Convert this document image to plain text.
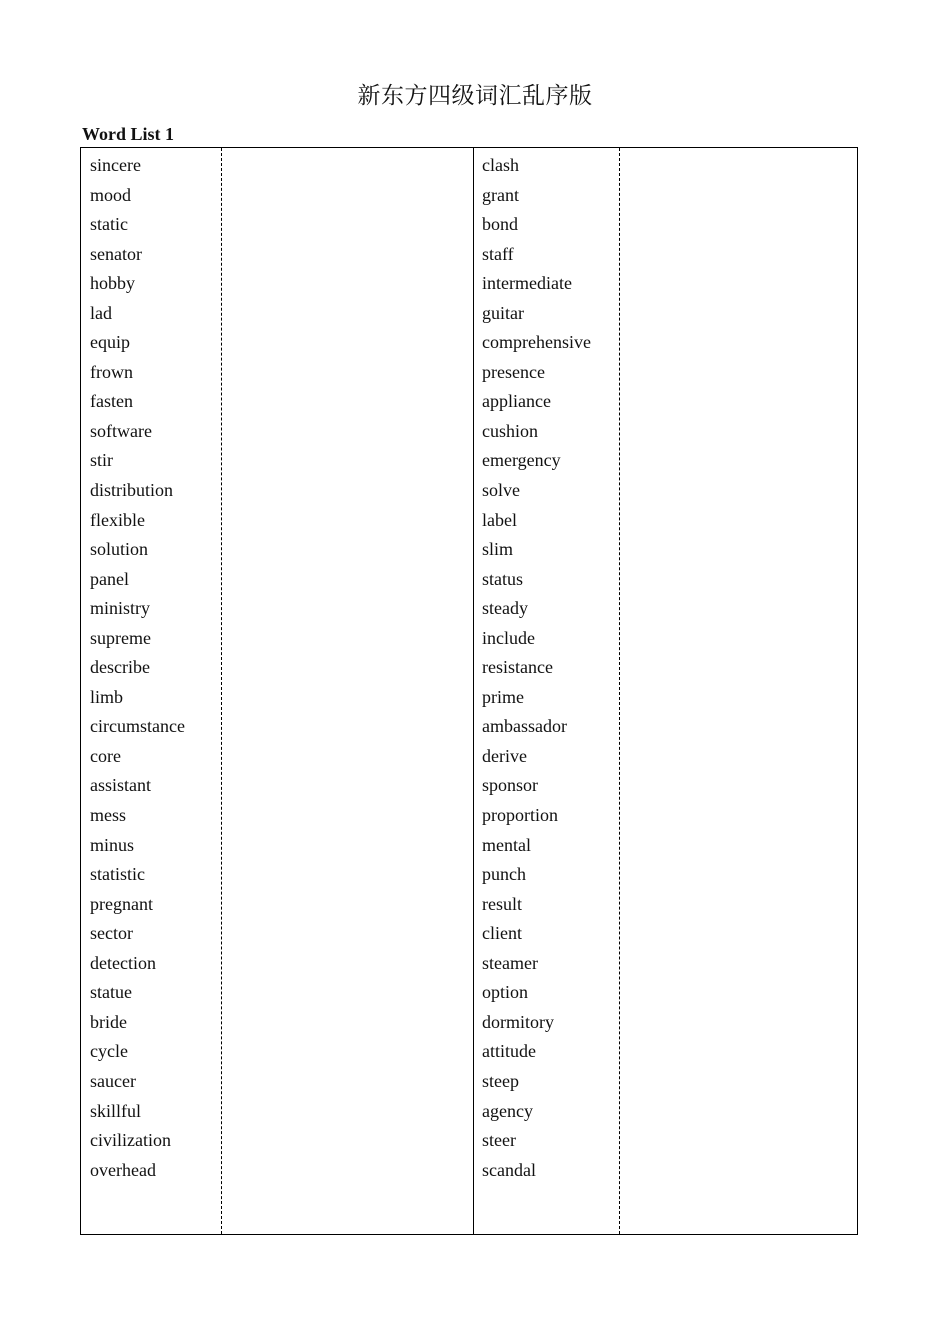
新东方四级词汇乱序版
Word List 1
sincere
mood
static
senator
hobby
lad
equip
frown
fasten
software
stir
distribution
flexible
solution
panel
ministry
supreme
describe
limb
circumstance
core
assistant
mess
minus
statistic
pregnant
sector
detection
statue
bride
cycle
saucer
skillful
civilization
overhead
clash
grant
bond
staff
intermediate
guitar
comprehensive
presence
appliance
cushion
emergency
solve
label
slim
status
steady
include
resistance
prime
ambassador
derive
sponsor
proportion
mental
punch
result
client
steamer
option
dormitory
attitude
steep
agency
steer
scandal
